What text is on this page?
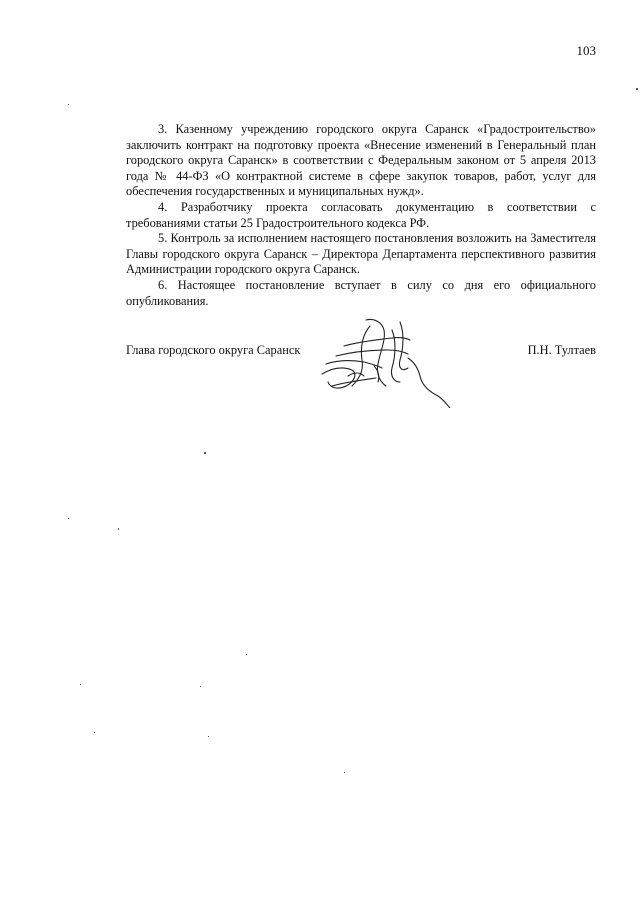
103

3. Казенному учреждению городского округа Саранск «Градостроительство» заключить контракт на подготовку проекта «Внесение изменений в Генеральный план городского округа Саранск» в соответствии с Федеральным законом от 5 апреля 2013 года № 44-ФЗ «О контрактной системе в сфере закупок товаров, работ, услуг для обеспечения государственных и муниципальных нужд».

4. Разработчику проекта согласовать документацию в соответствии с требованиями статьи 25 Градостроительного кодекса РФ.

5. Контроль за исполнением настоящего постановления возложить на Заместителя Главы городского округа Саранск – Директора Департамента перспективного развития Администрации городского округа Саранск.

6. Настоящее постановление вступает в силу со дня его официального опубликования.

Глава городского округа Саранск	П.Н. Тултаев
